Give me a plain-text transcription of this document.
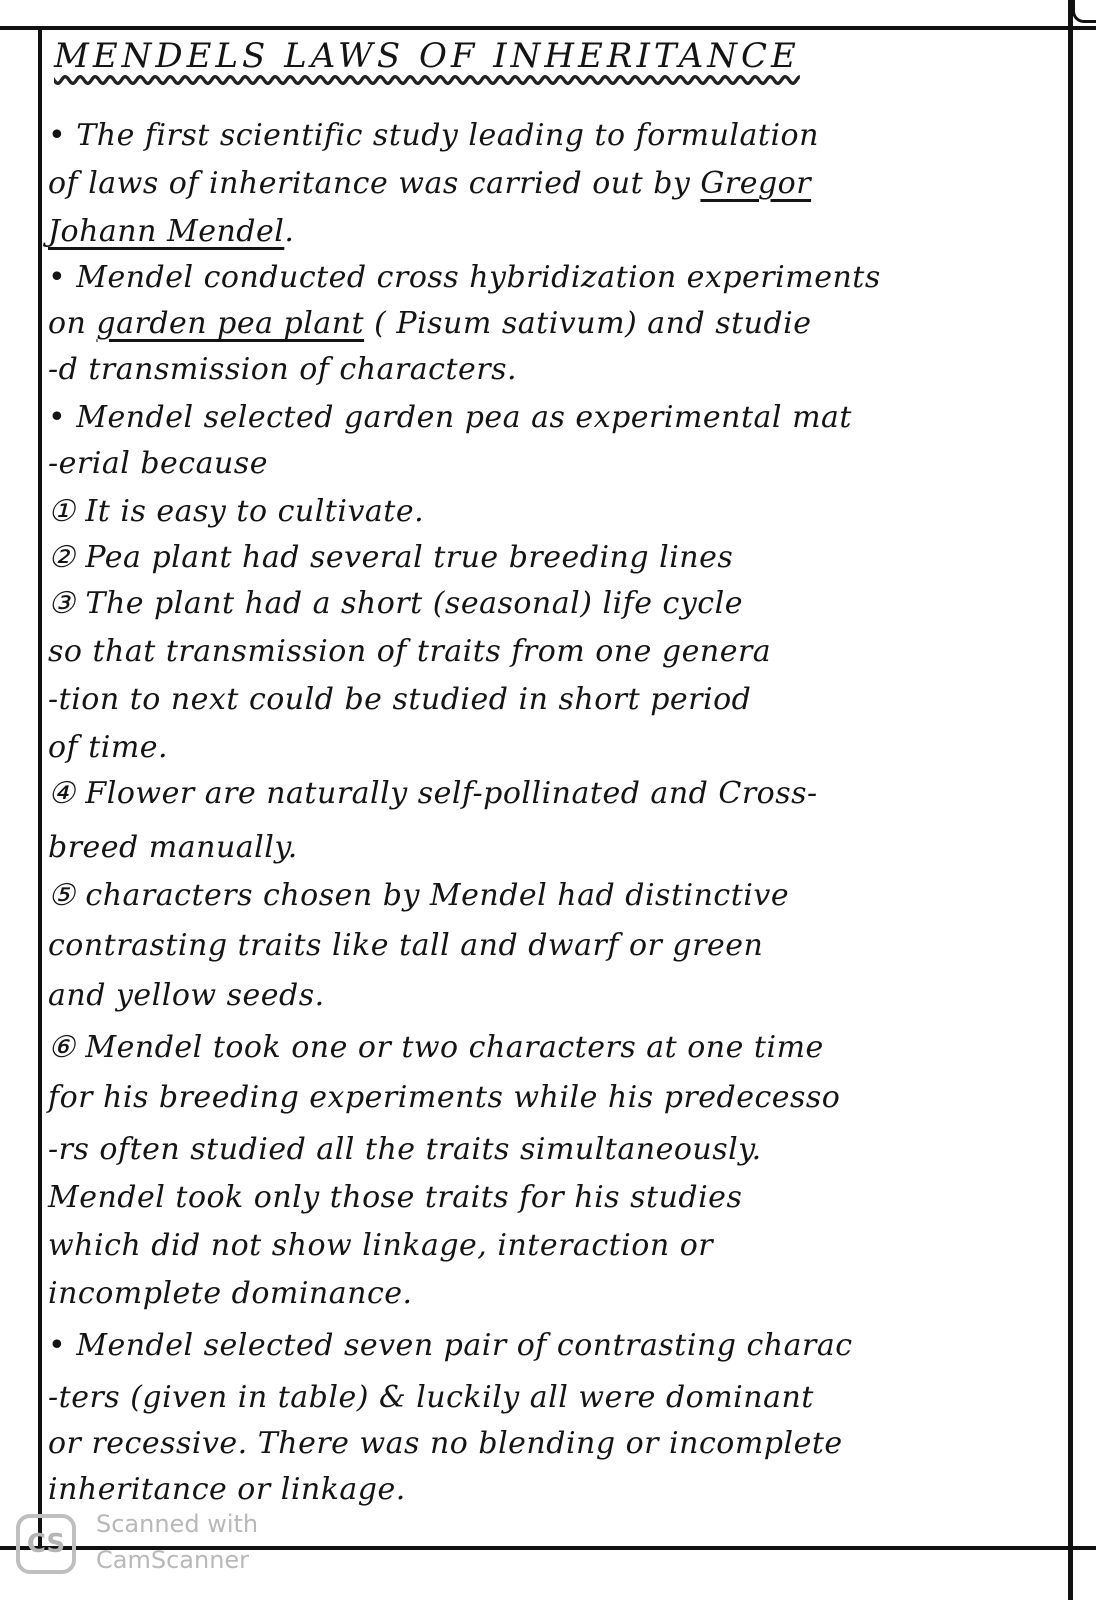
MENDELS LAWS OF INHERITANCE
• The first scientific study leading to formulation
of laws of inheritance was carried out by Gregor
Johann Mendel.
• Mendel conducted cross hybridization experiments
on garden pea plant ( Pisum sativum) and studie
-d transmission of characters.
• Mendel selected garden pea as experimental mat
-erial because
① It is easy to cultivate.
② Pea plant had several true breeding lines
③ The plant had a short (seasonal) life cycle
so that transmission of traits from one genera
-tion to next could be studied in short period
of time.
④ Flower are naturally self-pollinated and Cross-
breed manually.
⑤ characters chosen by Mendel had distinctive
contrasting traits like tall and dwarf or green
and yellow seeds.
⑥ Mendel took one or two characters at one time
for his breeding experiments while his predecesso
-rs often studied all the traits simultaneously.
Mendel took only those traits for his studies
which did not show linkage, interaction or
incomplete dominance.
• Mendel selected seven pair of contrasting charac
-ters (given in table) & luckily all were dominant
or recessive. There was no blending or incomplete
inheritance or linkage.
CS
Scanned with
CamScanner
